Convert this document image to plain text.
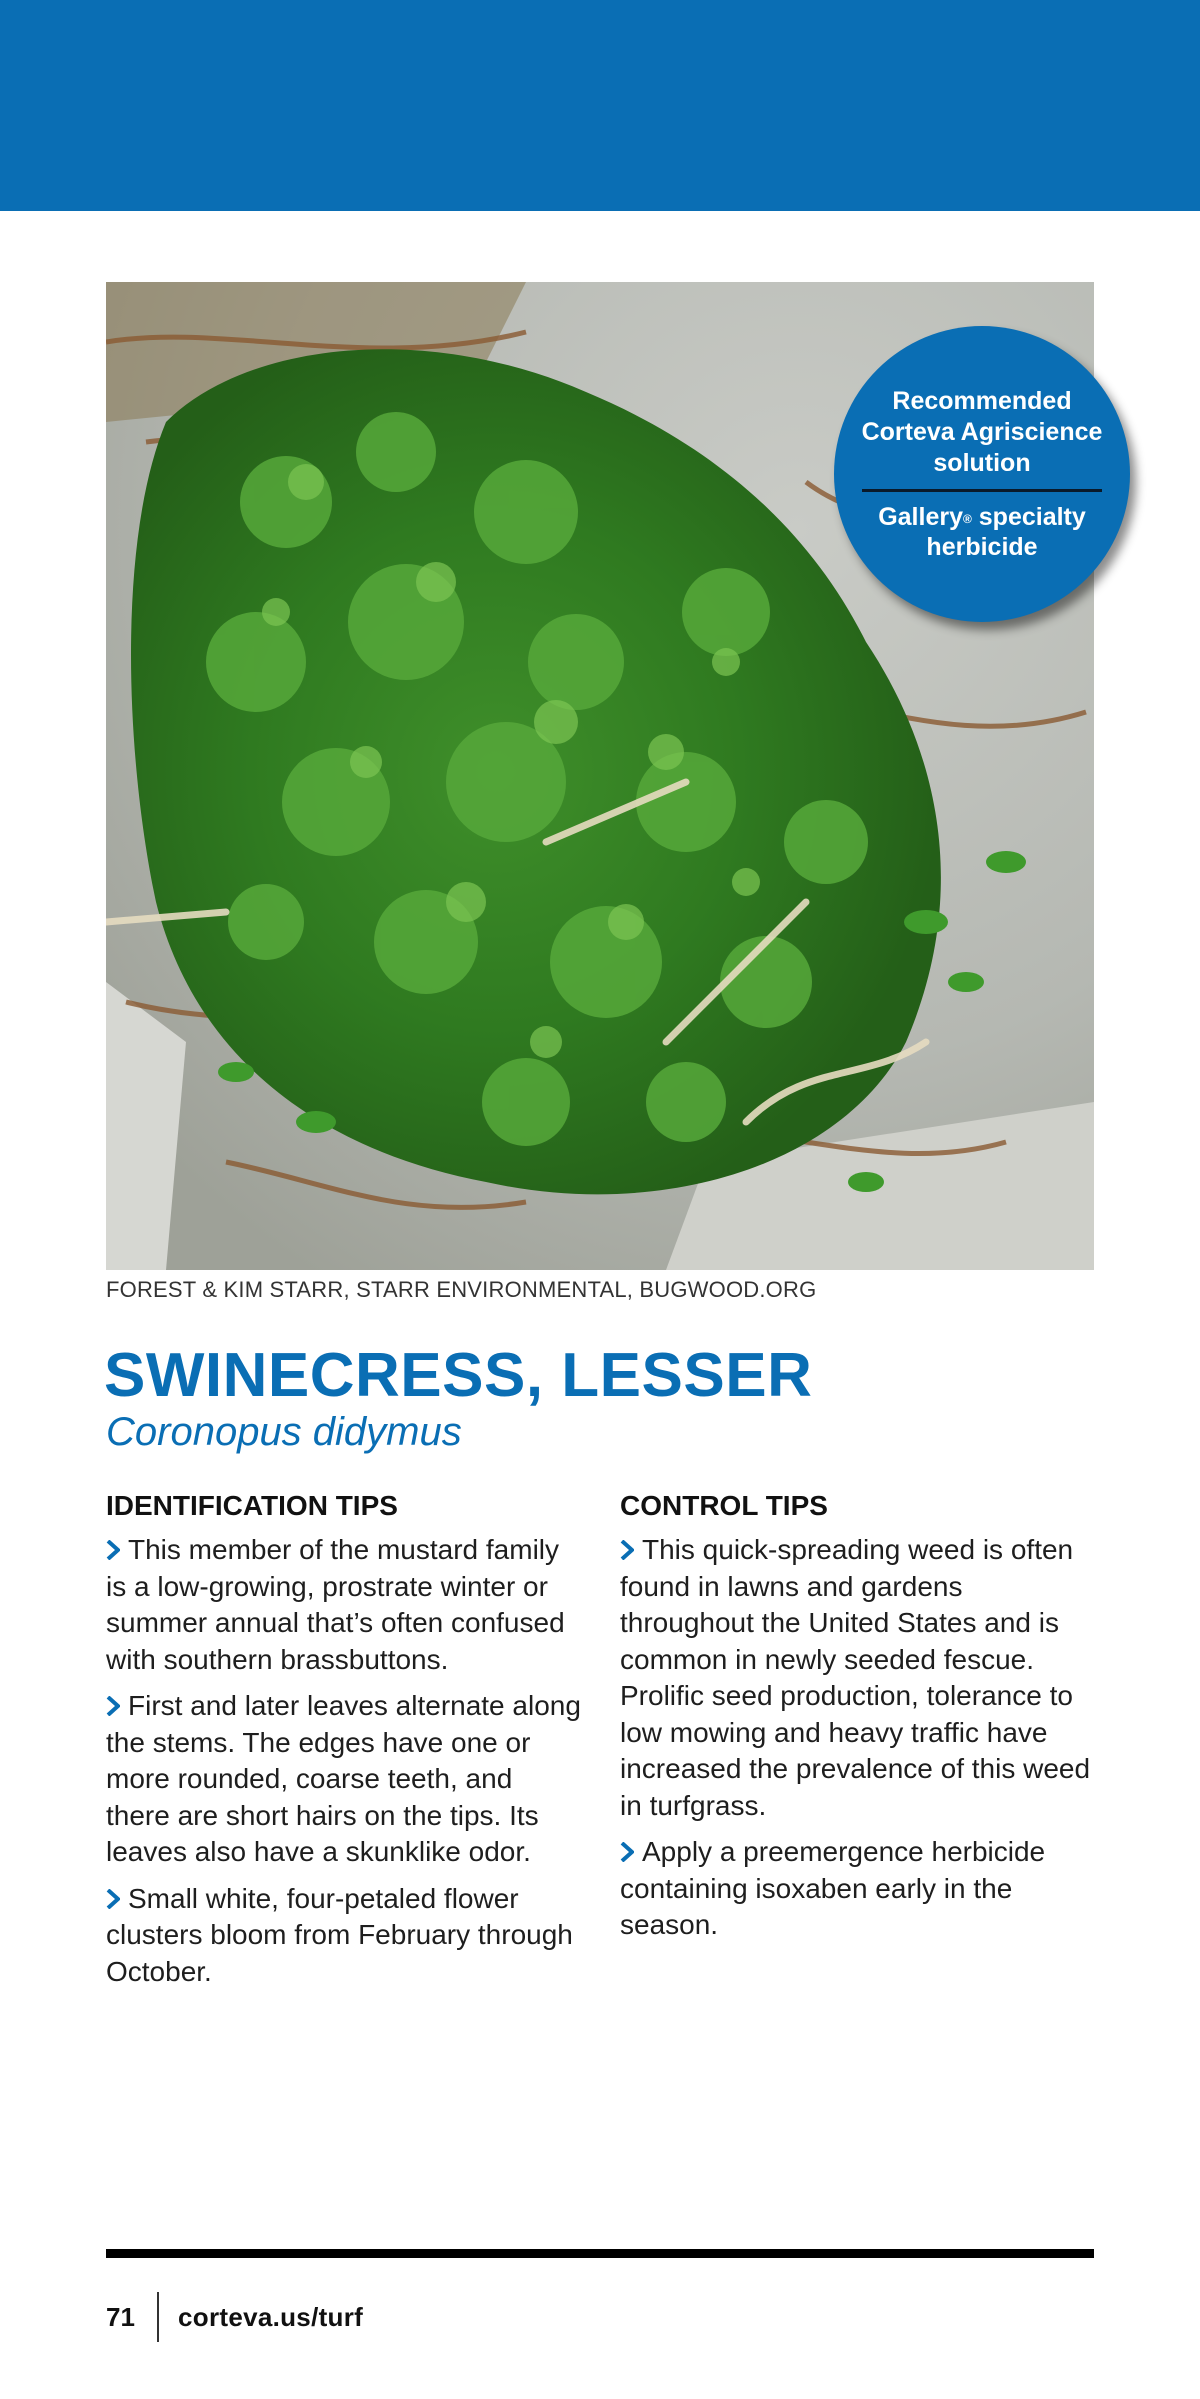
Recommended
Corteva Agriscience
solution
Gallery® specialty
herbicide
FOREST & KIM STARR, STARR ENVIRONMENTAL, BUGWOOD.ORG
SWINECRESS, LESSER
Coronopus didymus
IDENTIFICATION TIPS

This member of the mustard family is a low-growing, prostrate winter or summer annual that’s often confused with southern brassbuttons.

First and later leaves alternate along the stems. The edges have one or more rounded, coarse teeth, and there are short hairs on the tips. Its leaves also have a skunklike odor.

Small white, four-petaled flower clusters bloom from February through October.

CONTROL TIPS

This quick-spreading weed is often found in lawns and gardens throughout the United States and is common in newly seeded fescue. Prolific seed production, tolerance to low mowing and heavy traffic have increased the prevalence of this weed in turfgrass.

Apply a preemergence herbicide containing isoxaben early in the season.

71 corteva.us/turf
